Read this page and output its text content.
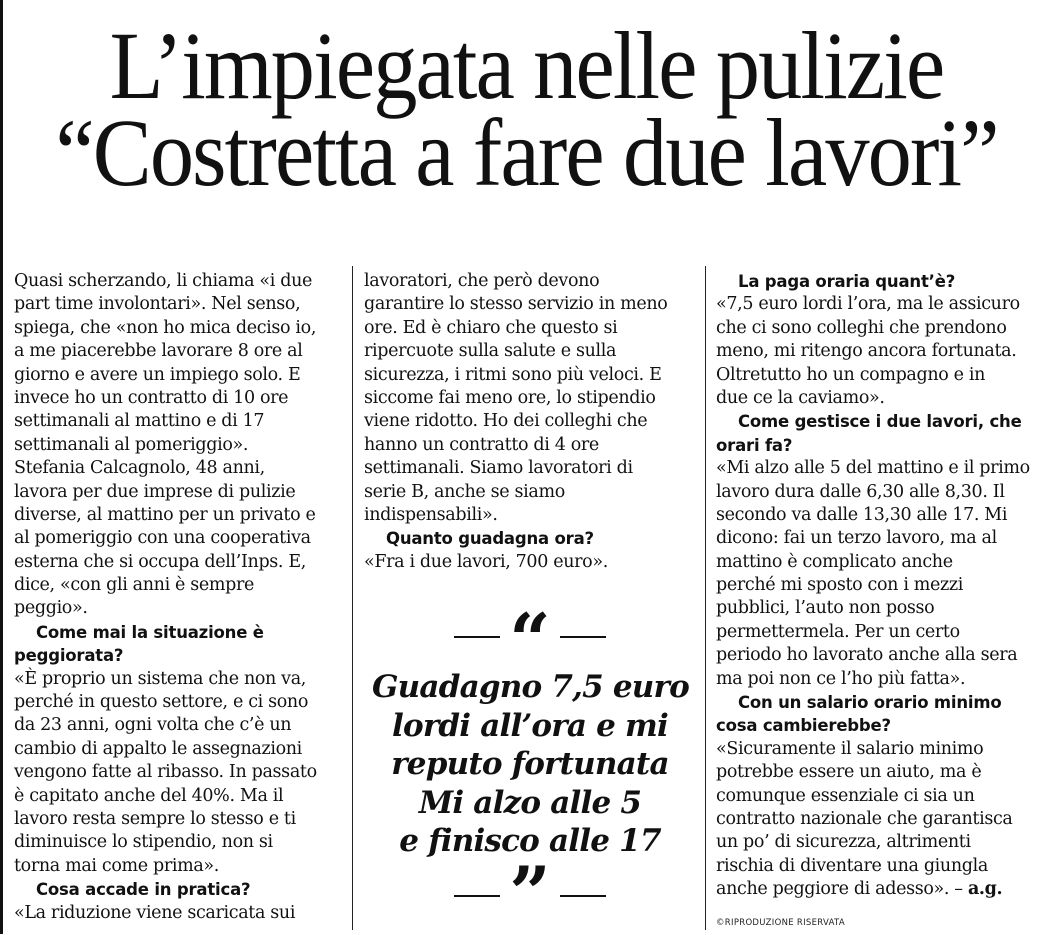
L’impiegata nelle pulizie
“Costretta a fare due lavori”
Quasi scherzando, li chiama «i due
part time involontari». Nel senso,
spiega, che «non ho mica deciso io,
a me piacerebbe lavorare 8 ore al
giorno e avere un impiego solo. E
invece ho un contratto di 10 ore
settimanali al mattino e di 17
settimanali al pomeriggio».
Stefania Calcagnolo, 48 anni,
lavora per due imprese di pulizie
diverse, al mattino per un privato e
al pomeriggio con una cooperativa
esterna che si occupa dell’Inps. E,
dice, «con gli anni è sempre
peggio».
Come mai la situazione è
peggiorata?
«È proprio un sistema che non va,
perché in questo settore, e ci sono
da 23 anni, ogni volta che c’è un
cambio di appalto le assegnazioni
vengono fatte al ribasso. In passato
è capitato anche del 40%. Ma il
lavoro resta sempre lo stesso e ti
diminuisce lo stipendio, non si
torna mai come prima».
Cosa accade in pratica?
«La riduzione viene scaricata sui
lavoratori, che però devono
garantire lo stesso servizio in meno
ore. Ed è chiaro che questo si
ripercuote sulla salute e sulla
sicurezza, i ritmi sono più veloci. E
siccome fai meno ore, lo stipendio
viene ridotto. Ho dei colleghi che
hanno un contratto di 4 ore
settimanali. Siamo lavoratori di
serie B, anche se siamo
indispensabili».
Quanto guadagna ora?
«Fra i due lavori, 700 euro».
“
Guadagno 7,5 euro
lordi all’ora e mi
reputo fortunata
Mi alzo alle 5
e finisco alle 17
”
La paga oraria quant’è?
«7,5 euro lordi l’ora, ma le assicuro
che ci sono colleghi che prendono
meno, mi ritengo ancora fortunata.
Oltretutto ho un compagno e in
due ce la caviamo».
Come gestisce i due lavori, che
orari fa?
«Mi alzo alle 5 del mattino e il primo
lavoro dura dalle 6,30 alle 8,30. Il
secondo va dalle 13,30 alle 17. Mi
dicono: fai un terzo lavoro, ma al
mattino è complicato anche
perché mi sposto con i mezzi
pubblici, l’auto non posso
permettermela. Per un certo
periodo ho lavorato anche alla sera
ma poi non ce l’ho più fatta».
Con un salario orario minimo
cosa cambierebbe?
«Sicuramente il salario minimo
potrebbe essere un aiuto, ma è
comunque essenziale ci sia un
contratto nazionale che garantisca
un po’ di sicurezza, altrimenti
rischia di diventare una giungla
anche peggiore di adesso». – a.g.
©RIPRODUZIONE RISERVATA
